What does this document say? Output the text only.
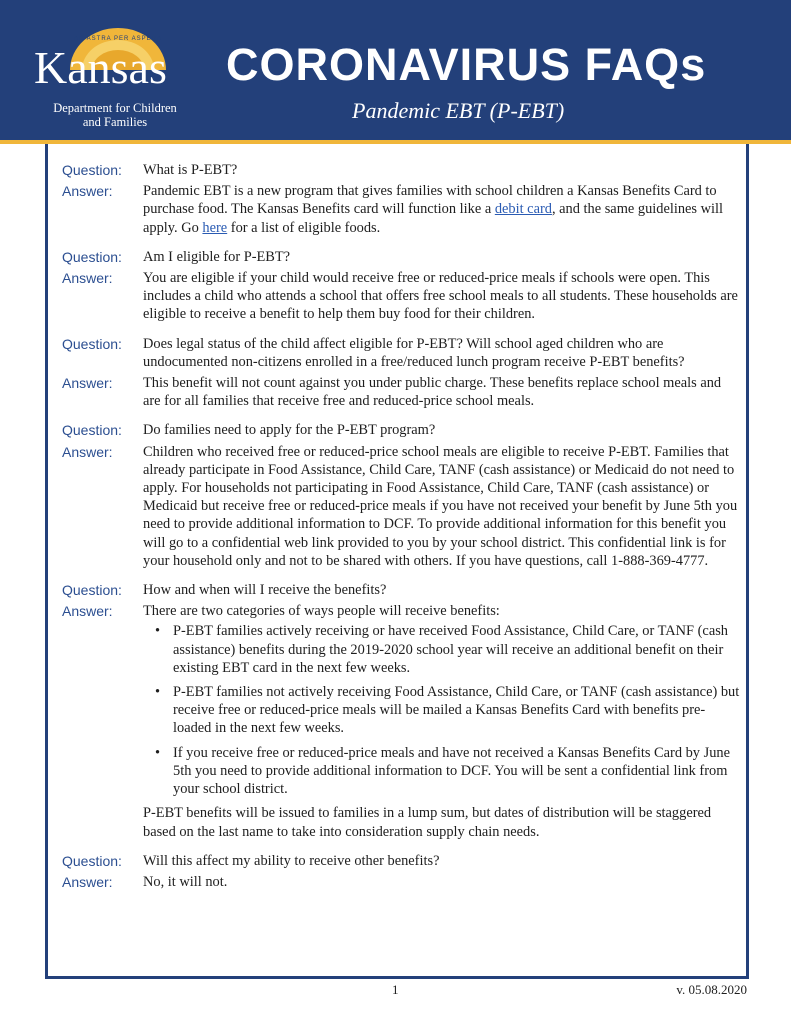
AD ASTRA PER ASPERA
Kansas
Department for Children
and Families
CORONAVIRUS FAQs
Pandemic EBT (P-EBT)
Question:	What is P-EBT?
Answer:	Pandemic EBT is a new program that gives families with school children a Kansas Benefits Card to purchase food. The Kansas Benefits card will function like a debit card, and the same guidelines will apply. Go here for a list of eligible foods.
Question:	Am I eligible for P-EBT?
Answer:	You are eligible if your child would receive free or reduced-price meals if schools were open. This includes a child who attends a school that offers free school meals to all students. These households are eligible to receive a benefit to help them buy food for their children.
Question:	Does legal status of the child affect eligible for P-EBT? Will school aged children who are undocumented non-citizens enrolled in a free/reduced lunch program receive P-EBT benefits?
Answer:	This benefit will not count against you under public charge. These benefits replace school meals and are for all families that receive free and reduced-price school meals.
Question:	Do families need to apply for the P-EBT program?
Answer:	Children who received free or reduced-price school meals are eligible to receive P-EBT. Families that already participate in Food Assistance, Child Care, TANF (cash assistance) or Medicaid do not need to apply. For households not participating in Food Assistance, Child Care, TANF (cash assistance) or Medicaid but receive free or reduced-price meals if you have not received your benefit by June 5th you need to provide additional information to DCF. To provide additional information for this benefit you will go to a confidential web link provided to you by your school district. This confidential link is for your household only and not to be shared with others. If you have questions, call 1-888-369-4777.
Question:	How and when will I receive the benefits?
Answer:	There are two categories of ways people will receive benefits:
• P-EBT families actively receiving or have received Food Assistance, Child Care, or TANF (cash assistance) benefits during the 2019-2020 school year will receive an additional benefit on their existing EBT card in the next few weeks.
• P-EBT families not actively receiving Food Assistance, Child Care, or TANF (cash assistance) but receive free or reduced-price meals will be mailed a Kansas Benefits Card with benefits pre-loaded in the next few weeks.
• If you receive free or reduced-price meals and have not received a Kansas Benefits Card by June 5th you need to provide additional information to DCF. You will be sent a confidential link from your school district.
P-EBT benefits will be issued to families in a lump sum, but dates of distribution will be staggered based on the last name to take into consideration supply chain needs.
Question:	Will this affect my ability to receive other benefits?
Answer:	No, it will not.
1	v. 05.08.2020
